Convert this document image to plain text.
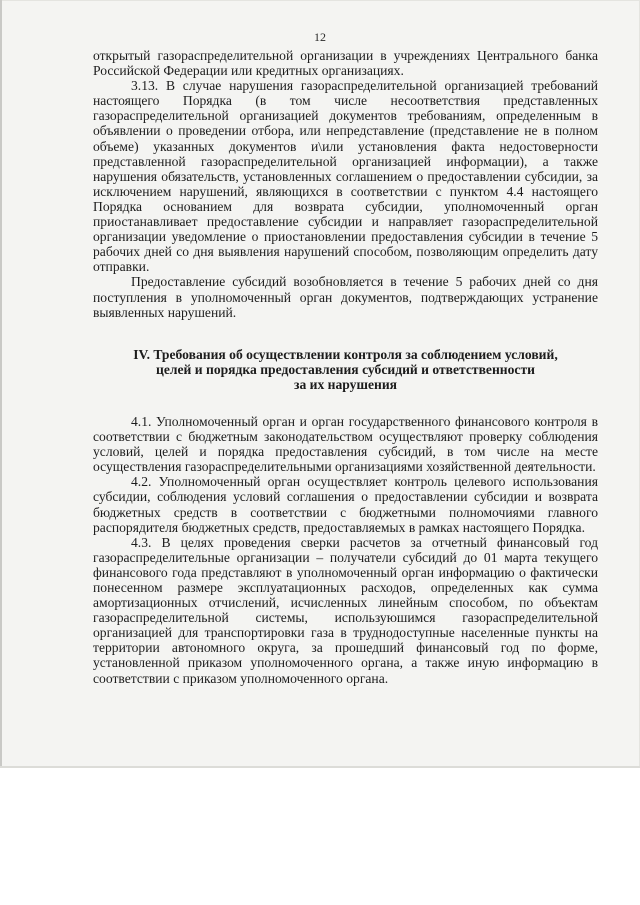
12

открытый газораспределительной организации в учреждениях Центрального банка Российской Федерации или кредитных организациях.

3.13. В случае нарушения газораспределительной организацией требований настоящего Порядка (в том числе несоответствия представленных газораспределительной организацией документов требованиям, определенным в объявлении о проведении отбора, или непредставление (представление не в полном объеме) указанных документов и\или установления факта недостоверности представленной газораспределительной организацией информации), а также нарушения обязательств, установленных соглашением о предоставлении субсидии, за исключением нарушений, являющихся в соответствии с пунктом 4.4 настоящего Порядка основанием для возврата субсидии, уполномоченный орган приостанавливает предоставление субсидии и направляет газораспределительной организации уведомление о приостановлении предоставления субсидии в течение 5 рабочих дней со дня выявления нарушений способом, позволяющим определить дату отправки.

Предоставление субсидий возобновляется в течение 5 рабочих дней со дня поступления в уполномоченный орган документов, подтверждающих устранение выявленных нарушений.

IV. Требования об осуществлении контроля за соблюдением условий,
целей и порядка предоставления субсидий и ответственности
за их нарушения

4.1. Уполномоченный орган и орган государственного финансового контроля в соответствии с бюджетным законодательством осуществляют проверку соблюдения условий, целей и порядка предоставления субсидий, в том числе на месте осуществления газораспределительными организациями хозяйственной деятельности.

4.2. Уполномоченный орган осуществляет контроль целевого использования субсидии, соблюдения условий соглашения о предоставлении субсидии и возврата бюджетных средств в соответствии с бюджетными полномочиями главного распорядителя бюджетных средств, предоставляемых в рамках настоящего Порядка.

4.3. В целях проведения сверки расчетов за отчетный финансовый год газораспределительные организации – получатели субсидий до 01 марта текущего финансового года представляют в уполномоченный орган информацию о фактически понесенном размере эксплуатационных расходов, определенных как сумма амортизационных отчислений, исчисленных линейным способом, по объектам газораспределительной системы, используюшимся газораспределительной организацией для транспортировки газа в труднодоступные населенные пункты на территории автономного округа, за прошедший финансовый год по форме, установленной приказом уполномоченного органа, а также иную информацию в соответствии с приказом уполномоченного органа.
